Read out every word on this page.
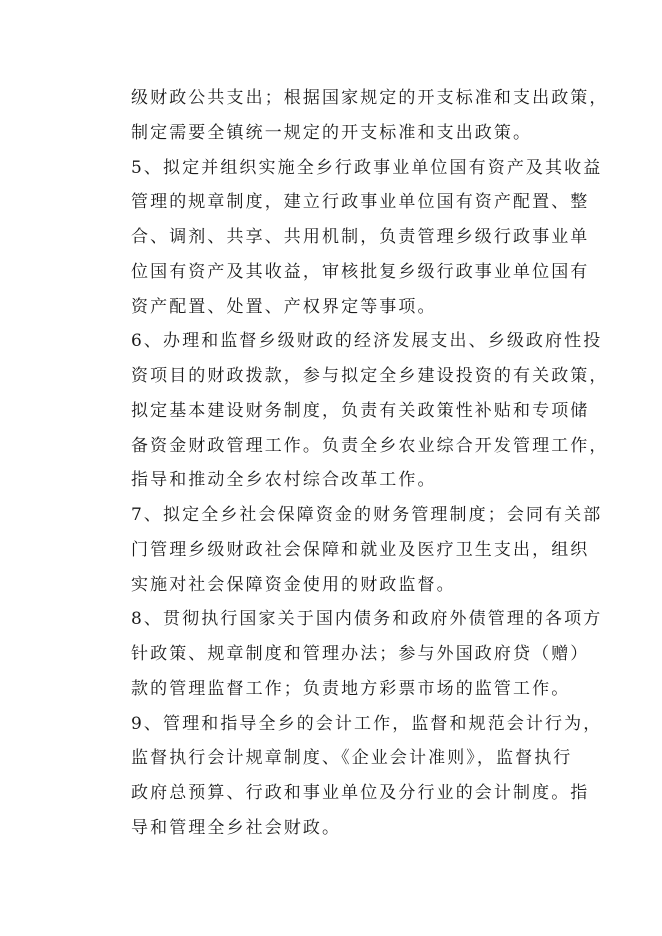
级财政公共支出；根据国家规定的开支标准和支出政策，
制定需要全镇统一规定的开支标准和支出政策。
5、拟定并组织实施全乡行政事业单位国有资产及其收益
管理的规章制度，建立行政事业单位国有资产配置、整
合、调剂、共享、共用机制，负责管理乡级行政事业单
位国有资产及其收益，审核批复乡级行政事业单位国有
资产配置、处置、产权界定等事项。
6、办理和监督乡级财政的经济发展支出、乡级政府性投
资项目的财政拨款，参与拟定全乡建设投资的有关政策，
拟定基本建设财务制度，负责有关政策性补贴和专项储
备资金财政管理工作。负责全乡农业综合开发管理工作，
指导和推动全乡农村综合改革工作。
7、拟定全乡社会保障资金的财务管理制度；会同有关部
门管理乡级财政社会保障和就业及医疗卫生支出，组织
实施对社会保障资金使用的财政监督。
8、贯彻执行国家关于国内债务和政府外债管理的各项方
针政策、规章制度和管理办法；参与外国政府贷（赠）
款的管理监督工作；负责地方彩票市场的监管工作。
9、管理和指导全乡的会计工作，监督和规范会计行为，
监督执行会计规章制度、《企业会计准则》，监督执行
政府总预算、行政和事业单位及分行业的会计制度。指
导和管理全乡社会财政。
